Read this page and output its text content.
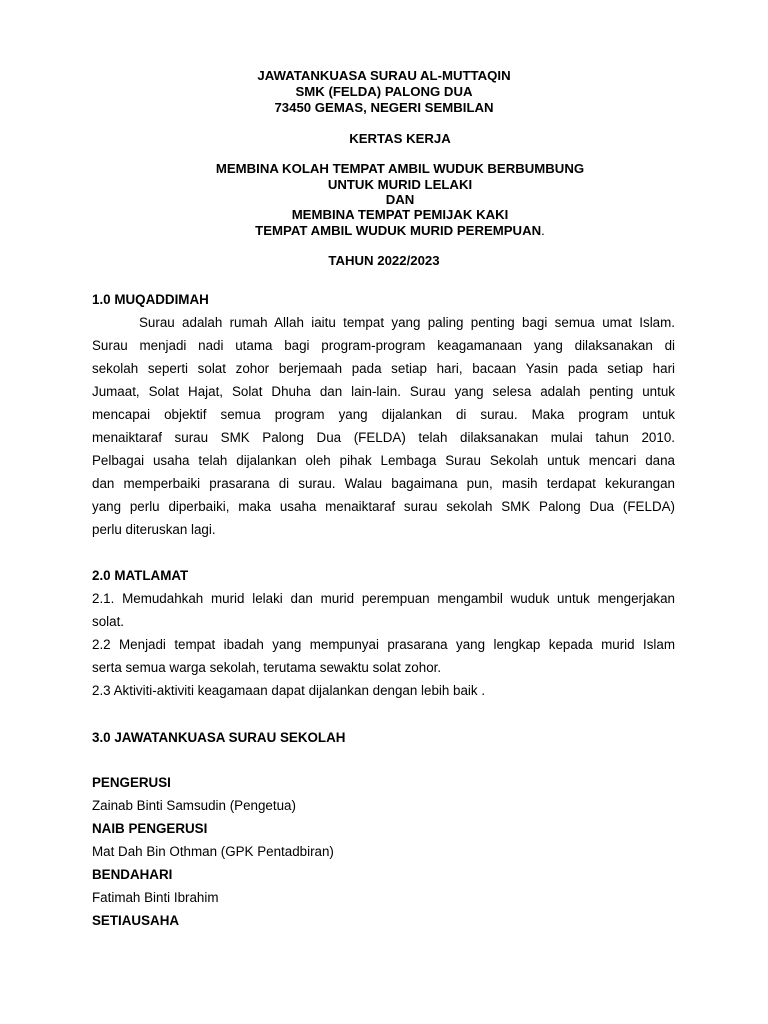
JAWATANKUASA SURAU AL-MUTTAQIN
SMK (FELDA) PALONG DUA
73450 GEMAS, NEGERI SEMBILAN
KERTAS KERJA
MEMBINA KOLAH TEMPAT AMBIL WUDUK BERBUMBUNG
UNTUK MURID LELAKI
DAN
MEMBINA TEMPAT PEMIJAK KAKI
TEMPAT AMBIL WUDUK MURID PEREMPUAN.
TAHUN 2022/2023
1.0 MUQADDIMAH
Surau adalah rumah Allah iaitu tempat yang paling penting bagi semua umat Islam.
Surau menjadi nadi utama bagi program-program keagamanaan yang dilaksanakan di
sekolah seperti solat zohor berjemaah pada setiap hari, bacaan Yasin pada setiap hari
Jumaat, Solat Hajat, Solat Dhuha dan lain-lain. Surau yang selesa adalah penting untuk
mencapai objektif semua program yang dijalankan di surau. Maka program untuk
menaiktaraf surau SMK Palong Dua (FELDA) telah dilaksanakan mulai tahun 2010.
Pelbagai usaha telah dijalankan oleh pihak Lembaga Surau Sekolah untuk mencari dana
dan memperbaiki prasarana di surau. Walau bagaimana pun, masih terdapat kekurangan
yang perlu diperbaiki, maka usaha menaiktaraf surau sekolah SMK Palong Dua (FELDA)
perlu diteruskan lagi.
2.0 MATLAMAT
2.1. Memudahkah murid lelaki dan murid perempuan mengambil wuduk untuk mengerjakan
solat.
2.2 Menjadi tempat ibadah yang mempunyai prasarana yang lengkap kepada murid Islam
serta semua warga sekolah, terutama sewaktu solat zohor.
2.3 Aktiviti-aktiviti keagamaan dapat dijalankan dengan lebih baik .
3.0 JAWATANKUASA SURAU SEKOLAH
PENGERUSI
Zainab Binti Samsudin (Pengetua)
NAIB PENGERUSI
Mat Dah Bin Othman (GPK Pentadbiran)
BENDAHARI
Fatimah Binti Ibrahim
SETIAUSAHA
